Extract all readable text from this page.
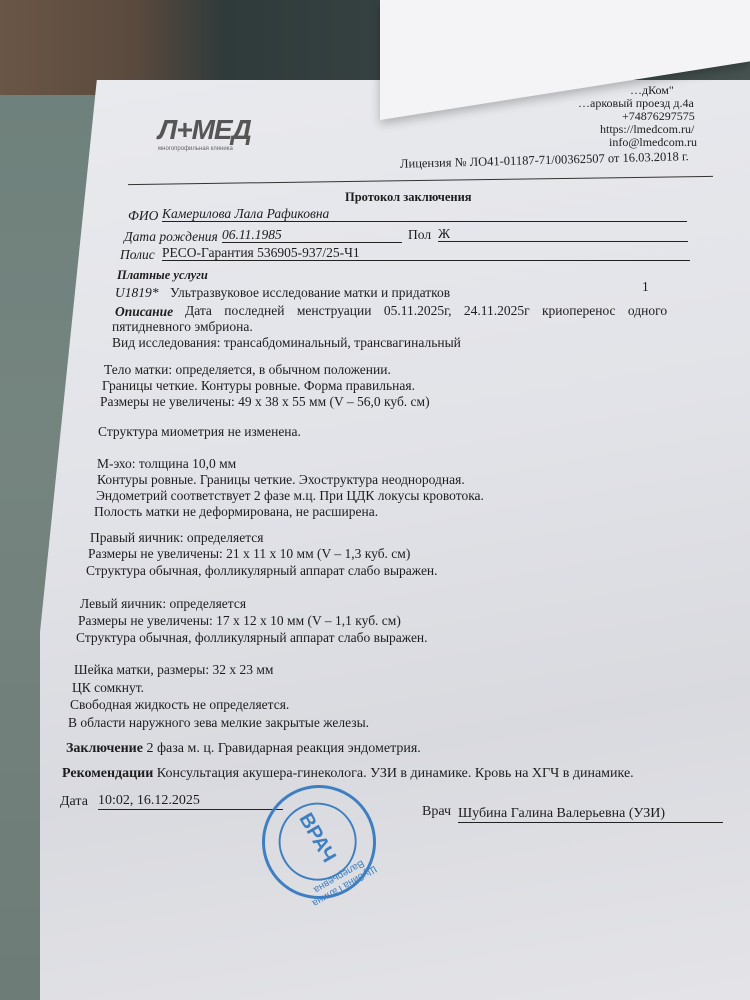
Л+МЕД
многопрофильная клиника
…дКом"
…арковый проезд д.4а
+74876297575
https://lmedcom.ru/
info@lmedcom.ru
Лицензия № ЛО41-01187-71/00362507 от 16.03.2018 г.
Протокол заключения
ФИО Камерилова Лала Рафиковна
Дата рождения 06.11.1985	Пол Ж
Полис РЕСО-Гарантия 536905-937/25-Ч1
Платные услуги
U1819* Ультразвуковое исследование матки и придатков	1
Описание Дата последней менструации 05.11.2025г, 24.11.2025г криоперенос одного
пятидневного эмбриона.
Вид исследования: трансабдоминальный, трансвагинальный
Тело матки: определяется, в обычном положении.
Границы четкие. Контуры ровные. Форма правильная.
Размеры не увеличены: 49 х 38 х 55 мм (V – 56,0 куб. см)
Структура миометрия не изменена.
М-эхо: толщина 10,0 мм
Контуры ровные. Границы четкие. Эхоструктура неоднородная.
Эндометрий соответствует 2 фазе м.ц. При ЦДК локусы кровотока.
Полость матки не деформирована, не расширена.
Правый яичник: определяется
Размеры не увеличены: 21 х 11 х 10 мм (V – 1,3 куб. см)
Структура обычная, фолликулярный аппарат слабо выражен.
Левый яичник: определяется
Размеры не увеличены: 17 х 12 х 10 мм (V – 1,1 куб. см)
Структура обычная, фолликулярный аппарат слабо выражен.
Шейка матки, размеры: 32 х 23 мм
ЦК сомкнут.
Свободная жидкость не определяется.
В области наружного зева мелкие закрытые железы.
Заключение 2 фаза м. ц. Гравидарная реакция эндометрия.
Рекомендации Консультация акушера-гинеколога. УЗИ в динамике. Кровь на ХГЧ в динамике.
Дата 10:02, 16.12.2025
Врач Шубина Галина Валерьевна (УЗИ)
ВРАЧ
Шубина Галина Валерьевна
